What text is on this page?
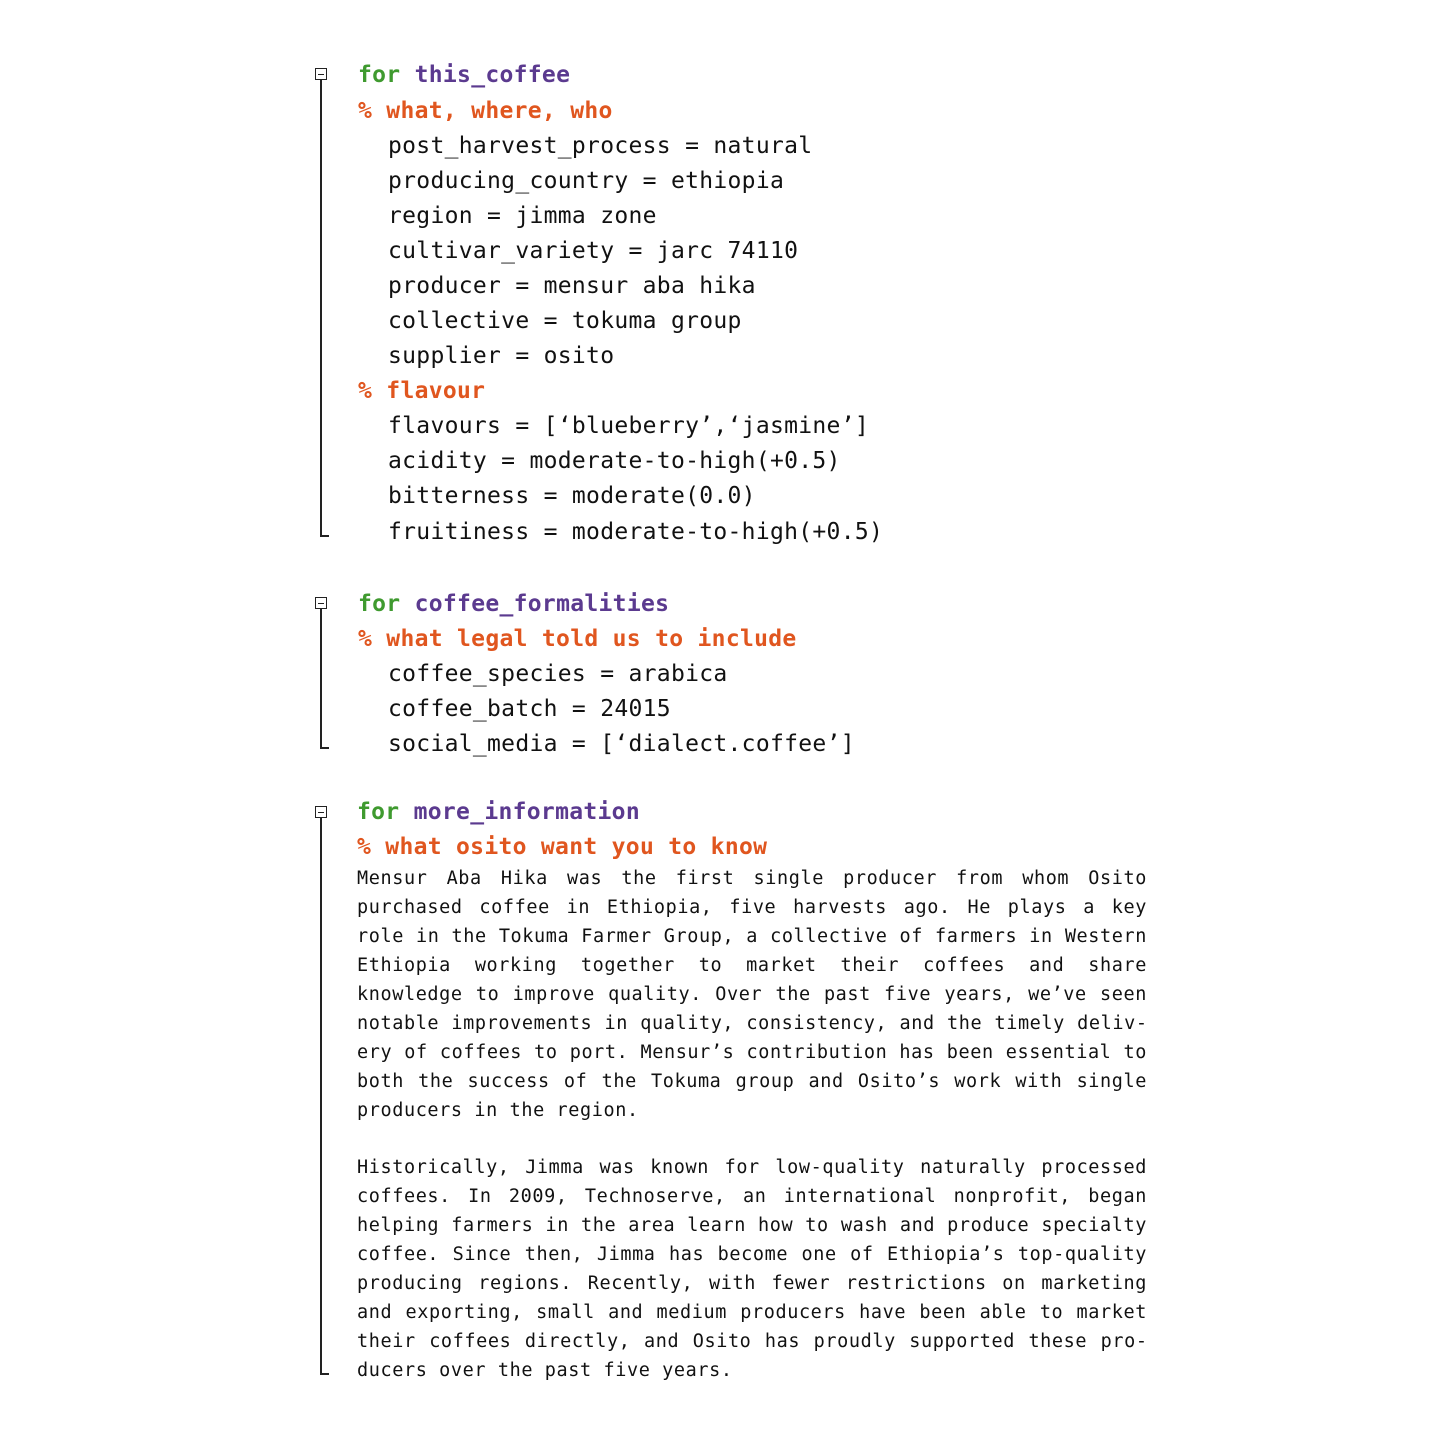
for this_coffee
% what, where, who
post_harvest_process = natural
producing_country = ethiopia
region = jimma zone
cultivar_variety = jarc 74110
producer = mensur aba hika
collective = tokuma group
supplier = osito
% flavour
flavours = [‘blueberry’,‘jasmine’]
acidity = moderate-to-high(+0.5)
bitterness = moderate(0.0)
fruitiness = moderate-to-high(+0.5)
for coffee_formalities
% what legal told us to include
coffee_species = arabica
coffee_batch = 24015
social_media = [‘dialect.coffee’]
for more_information
% what osito want you to know

Mensur Aba Hika was the first single producer from whom Osito purchased coffee in Ethiopia, five harvests ago. He plays a key role in the Tokuma Farmer Group, a collective of farmers in Western Ethiopia working together to market their coffees and share knowledge to improve quality. Over the past five years, we’ve seen notable improvements in quality, consistency, and the timely delivery of coffees to port. Mensur’s contribution has been essential to both the success of the Tokuma group and Osito’s work with single producers in the region.

Historically, Jimma was known for low-quality naturally processed coffees. In 2009, Technoserve, an international nonprofit, began helping farmers in the area learn how to wash and produce specialty coffee. Since then, Jimma has become one of Ethiopia’s top-quality producing regions. Recently, with fewer restrictions on marketing and exporting, small and medium producers have been able to market their coffees directly, and Osito has proudly supported these producers over the past five years.
